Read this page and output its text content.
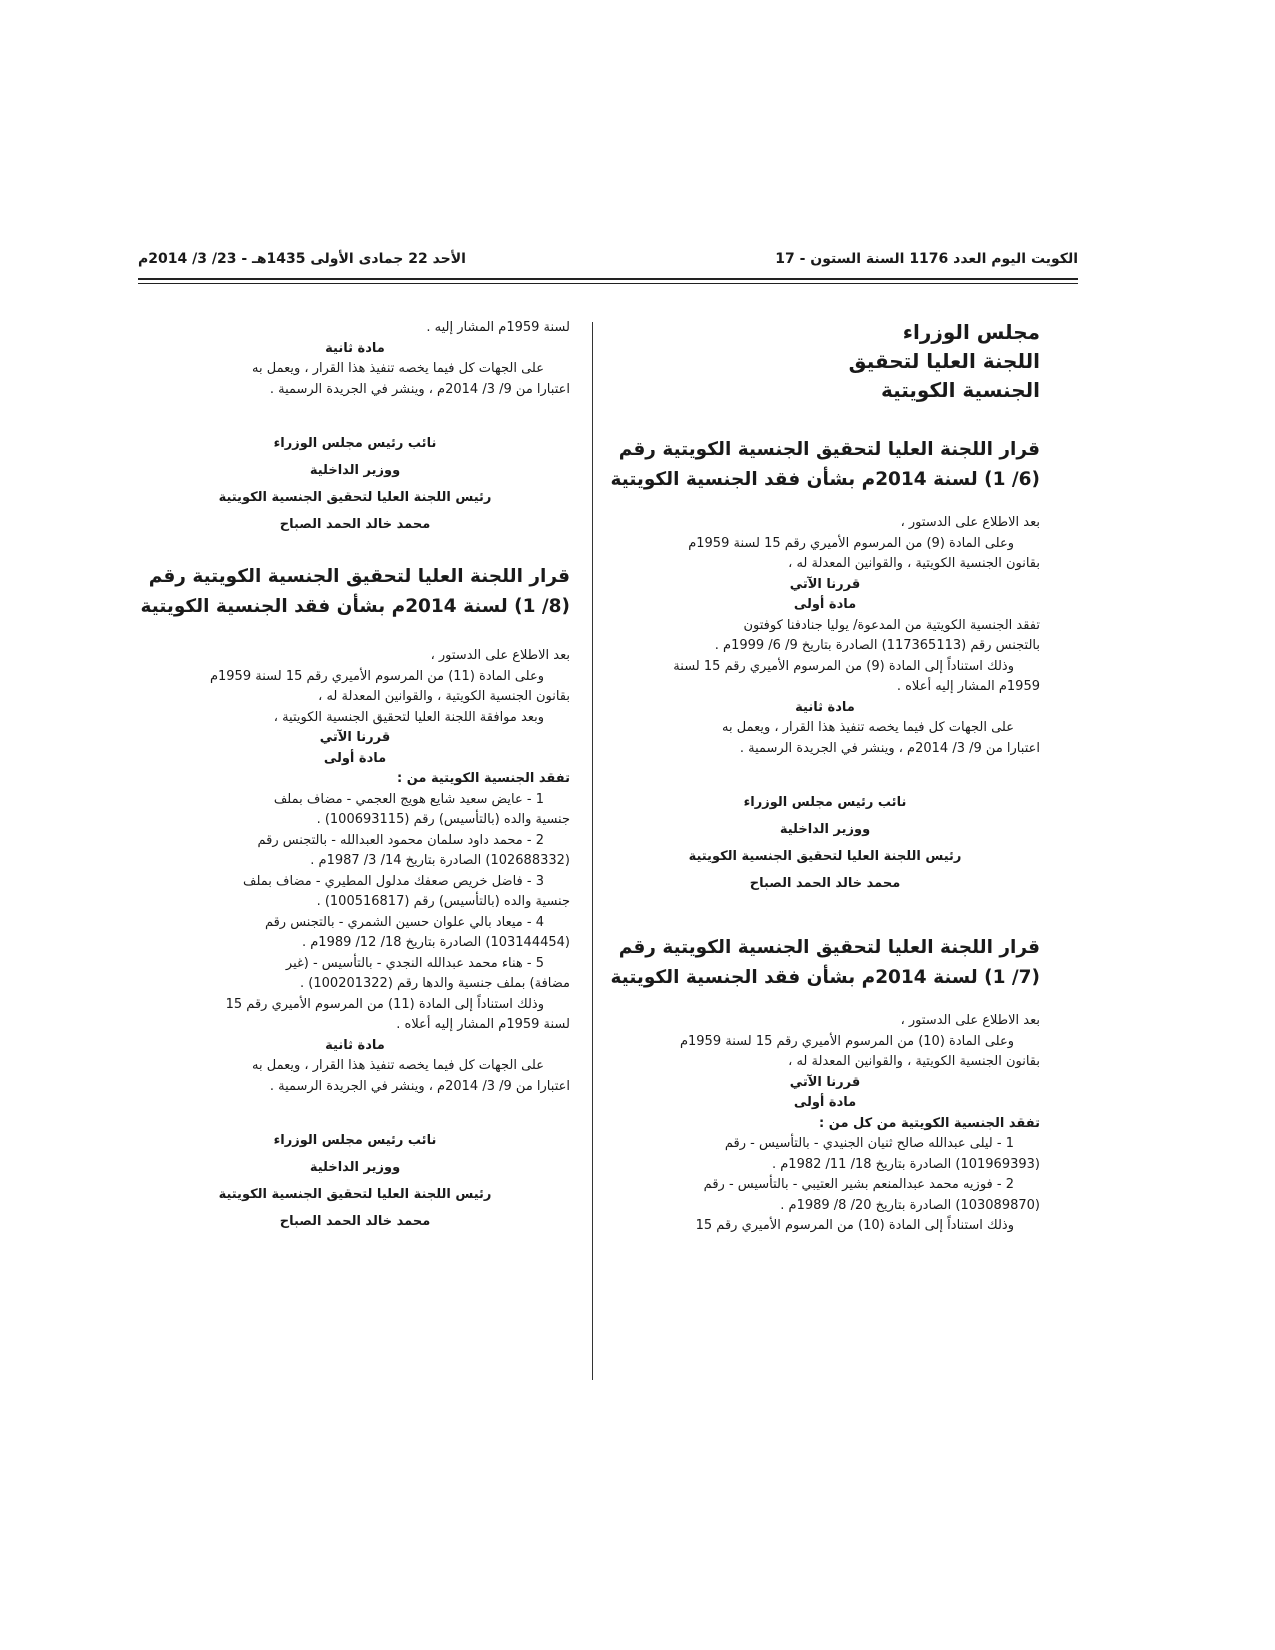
الكويت اليوم العدد 1176 السنة الستون - 17
الأحد 22 جمادى الأولى 1435هـ - 23/ 3/ 2014م

مجلس الوزراء

اللجنة العليا لتحقيق

الجنسية الكويتية

قرار اللجنة العليا لتحقيق الجنسية الكويتية رقم

(6/ 1) لسنة 2014م بشأن فقد الجنسية الكويتية

بعد الاطلاع على الدستور ،

وعلى المادة (9) من المرسوم الأميري رقم 15 لسنة 1959م

بقانون الجنسية الكويتية ، والقوانين المعدلة له ،

قررنا الآتي

مادة أولى

تفقد الجنسية الكويتية من المدعوة/ يوليا جنادفنا كوفتون

بالتجنس رقم (117365113) الصادرة بتاريخ 9/ 6/ 1999م .

وذلك استناداً إلى المادة (9) من المرسوم الأميري رقم 15 لسنة

1959م المشار إليه أعلاه .

مادة ثانية

على الجهات كل فيما يخصه تنفيذ هذا القرار ، ويعمل به

اعتبارا من 9/ 3/ 2014م ، وينشر في الجريدة الرسمية .

نائب رئيس مجلس الوزراء

ووزير الداخلية

رئيس اللجنة العليا لتحقيق الجنسية الكويتية

محمد خالد الحمد الصباح

قرار اللجنة العليا لتحقيق الجنسية الكويتية رقم

(7/ 1) لسنة 2014م بشأن فقد الجنسية الكويتية

بعد الاطلاع على الدستور ،

وعلى المادة (10) من المرسوم الأميري رقم 15 لسنة 1959م

بقانون الجنسية الكويتية ، والقوانين المعدلة له ،

قررنا الآتي

مادة أولى

تفقد الجنسية الكويتية من كل من :

1 - ليلى عبدالله صالح ثنيان الجنيدي - بالتأسيس - رقم

(101969393) الصادرة بتاريخ 18/ 11/ 1982م .

2 - فوزيه محمد عبدالمنعم بشير العتيبي - بالتأسيس - رقم

(103089870) الصادرة بتاريخ 20/ 8/ 1989م .

وذلك استناداً إلى المادة (10) من المرسوم الأميري رقم 15

لسنة 1959م المشار إليه .

مادة ثانية

على الجهات كل فيما يخصه تنفيذ هذا القرار ، ويعمل به

اعتبارا من 9/ 3/ 2014م ، وينشر في الجريدة الرسمية .

نائب رئيس مجلس الوزراء

ووزير الداخلية

رئيس اللجنة العليا لتحقيق الجنسية الكويتية

محمد خالد الحمد الصباح

قرار اللجنة العليا لتحقيق الجنسية الكويتية رقم

(8/ 1) لسنة 2014م بشأن فقد الجنسية الكويتية

بعد الاطلاع على الدستور ،

وعلى المادة (11) من المرسوم الأميري رقم 15 لسنة 1959م

بقانون الجنسية الكويتية ، والقوانين المعدلة له ،

وبعد موافقة اللجنة العليا لتحقيق الجنسية الكويتية ،

قررنا الآتي

مادة أولى

تفقد الجنسية الكويتية من :

1 - عايض سعيد شايع هويج العجمي - مضاف بملف

جنسية والده (بالتأسيس) رقم (100693115) .

2 - محمد داود سلمان محمود العبدالله - بالتجنس رقم

(102688332) الصادرة بتاريخ 14/ 3/ 1987م .

3 - فاضل خريص صعفك مدلول المطيري - مضاف بملف

جنسية والده (بالتأسيس) رقم (100516817) .

4 - ميعاد بالي علوان حسين الشمري - بالتجنس رقم

(103144454) الصادرة بتاريخ 18/ 12/ 1989م .

5 - هناء محمد عبدالله النجدي - بالتأسيس - (غير

مضافة) بملف جنسية والدها رقم (100201322) .

وذلك استناداً إلى المادة (11) من المرسوم الأميري رقم 15

لسنة 1959م المشار إليه أعلاه .

مادة ثانية

على الجهات كل فيما يخصه تنفيذ هذا القرار ، ويعمل به

اعتبارا من 9/ 3/ 2014م ، وينشر في الجريدة الرسمية .

نائب رئيس مجلس الوزراء

ووزير الداخلية

رئيس اللجنة العليا لتحقيق الجنسية الكويتية

محمد خالد الحمد الصباح
